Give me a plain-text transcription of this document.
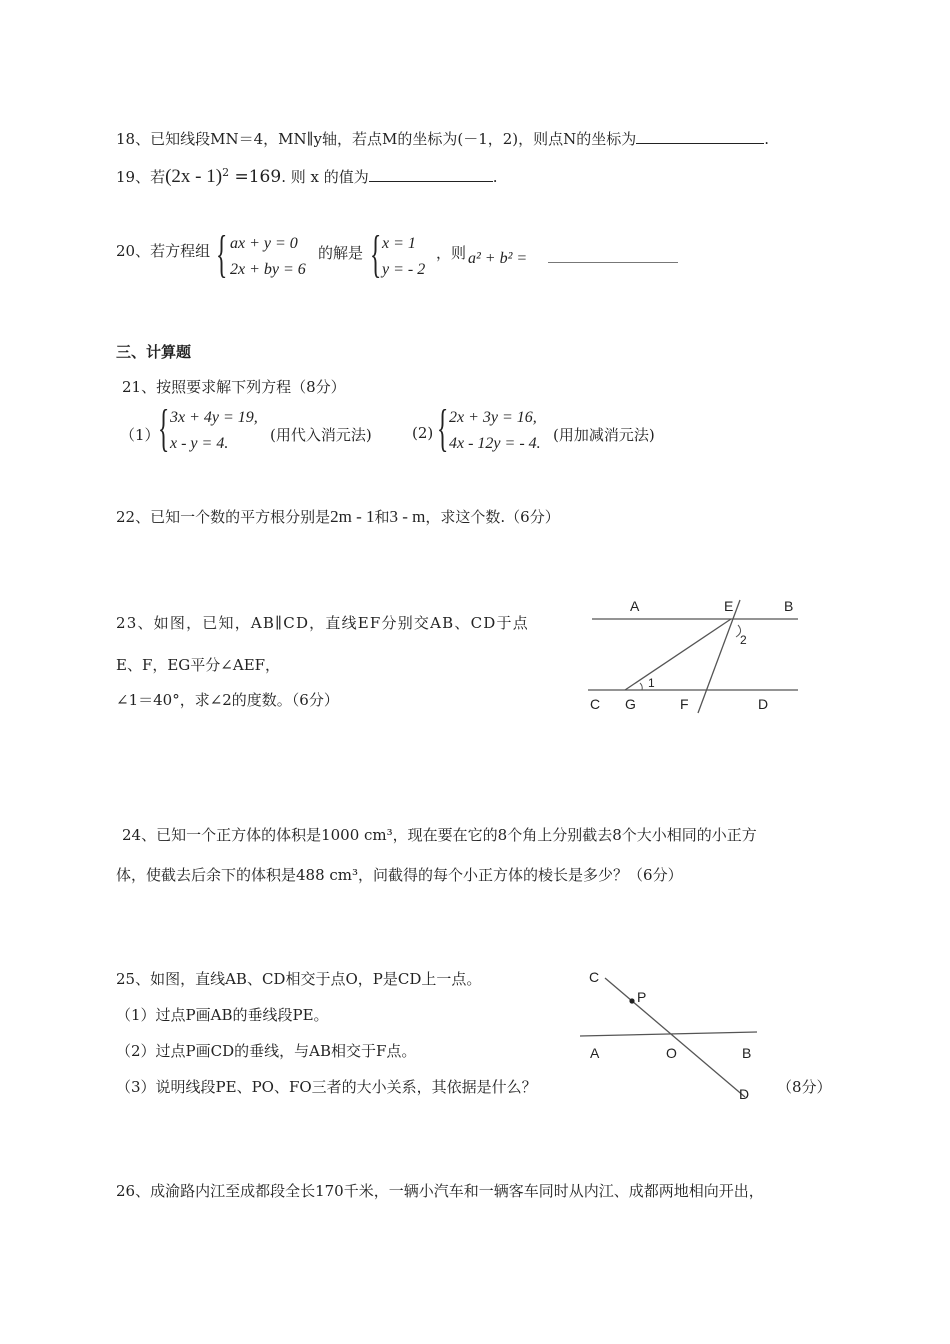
18、已知线段MN＝4，MN∥y轴，若点M的坐标为(－1，2)，则点N的坐标为	.
19、若(2x - 1)$^2$ =169. 则 x 的值为	.
20、若方程组 { ax + y = 0
2x + by = 6
的解是 { x = 1
y = - 2
，则 a² + b² =
三、计算题
21、按照要求解下列方程（8分）
（1）
{ 3x + 4y = 19,
x - y = 4.	(用代入消元法)	(2) { 2x + 3y = 16,
4x - 12y = - 4. (用加减消元法)
22、已知一个数的平方根分别是2m - 1和3 - m，求这个数.（6分）
23、如图，已知，AB∥CD，直线EF分别交AB、CD于点
E、F，EG平分∠AEF，
∠1＝40°，求∠2的度数。（6分）
A	E	B
2
1
C G	F	D
24、已知一个正方体的体积是1000 cm³，现在要在它的8个角上分别截去8个大小相同的小正方
体，使截去后余下的体积是488 cm³，问截得的每个小正方体的棱长是多少？（6分）
25、如图，直线AB、CD相交于点O，P是CD上一点。
（1）过点P画AB的垂线段PE。
（2）过点P画CD的垂线，与AB相交于F点。
（3）说明线段PE、PO、FO三者的大小关系，其依据是什么？	（8分）
C
P
A	O	B
D
26、成渝路内江至成都段全长170千米，一辆小汽车和一辆客车同时从内江、成都两地相向开出，
